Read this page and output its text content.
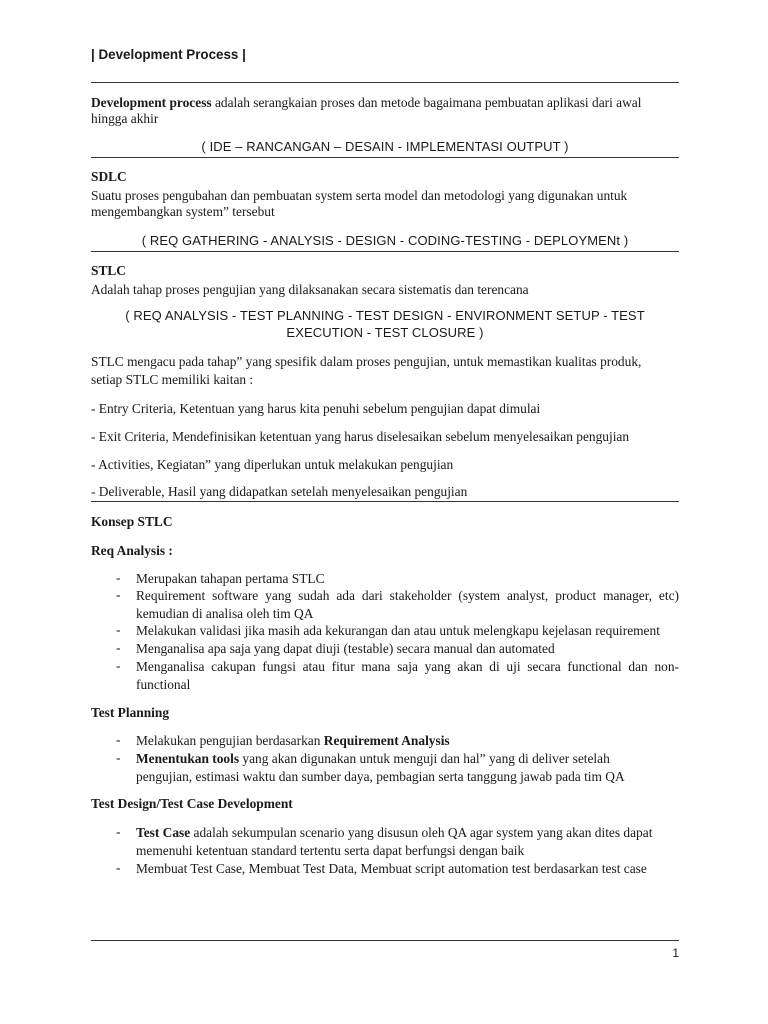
| Development Process |
Development process adalah serangkaian proses dan metode bagaimana pembuatan aplikasi dari awal
hingga akhir
( IDE – RANCANGAN – DESAIN - IMPLEMENTASI OUTPUT )
SDLC
Suatu proses pengubahan dan pembuatan system serta model dan metodologi yang digunakan untuk
mengembangkan system” tersebut
( REQ GATHERING - ANALYSIS - DESIGN - CODING-TESTING - DEPLOYMENt )
STLC
Adalah tahap proses pengujian yang dilaksanakan secara sistematis dan terencana
( REQ ANALYSIS - TEST PLANNING - TEST DESIGN - ENVIRONMENT SETUP - TEST
EXECUTION - TEST CLOSURE )
STLC mengacu pada tahap” yang spesifik dalam proses pengujian, untuk memastikan kualitas produk,
setiap STLC memiliki kaitan :
- Entry Criteria, Ketentuan yang harus kita penuhi sebelum pengujian dapat dimulai
- Exit Criteria, Mendefinisikan ketentuan yang harus diselesaikan sebelum menyelesaikan pengujian
- Activities, Kegiatan” yang diperlukan untuk melakukan pengujian
- Deliverable, Hasil yang didapatkan setelah menyelesaikan pengujian
Konsep STLC
Req Analysis :
- Merupakan tahapan pertama STLC
- Requirement software yang sudah ada dari stakeholder (system analyst, product manager, etc)
kemudian di analisa oleh tim QA
- Melakukan validasi jika masih ada kekurangan dan atau untuk melengkapu kejelasan requirement
- Menganalisa apa saja yang dapat diuji (testable) secara manual dan automated
- Menganalisa cakupan fungsi atau fitur mana saja yang akan di uji secara functional dan non-
functional
Test Planning
- Melakukan pengujian berdasarkan Requirement Analysis
- Menentukan tools yang akan digunakan untuk menguji dan hal” yang di deliver setelah
pengujian, estimasi waktu dan sumber daya, pembagian serta tanggung jawab pada tim QA
Test Design/Test Case Development
- Test Case adalah sekumpulan scenario yang disusun oleh QA agar system yang akan dites dapat
memenuhi ketentuan standard tertentu serta dapat berfungsi dengan baik
- Membuat Test Case, Membuat Test Data, Membuat script automation test berdasarkan test case
1
